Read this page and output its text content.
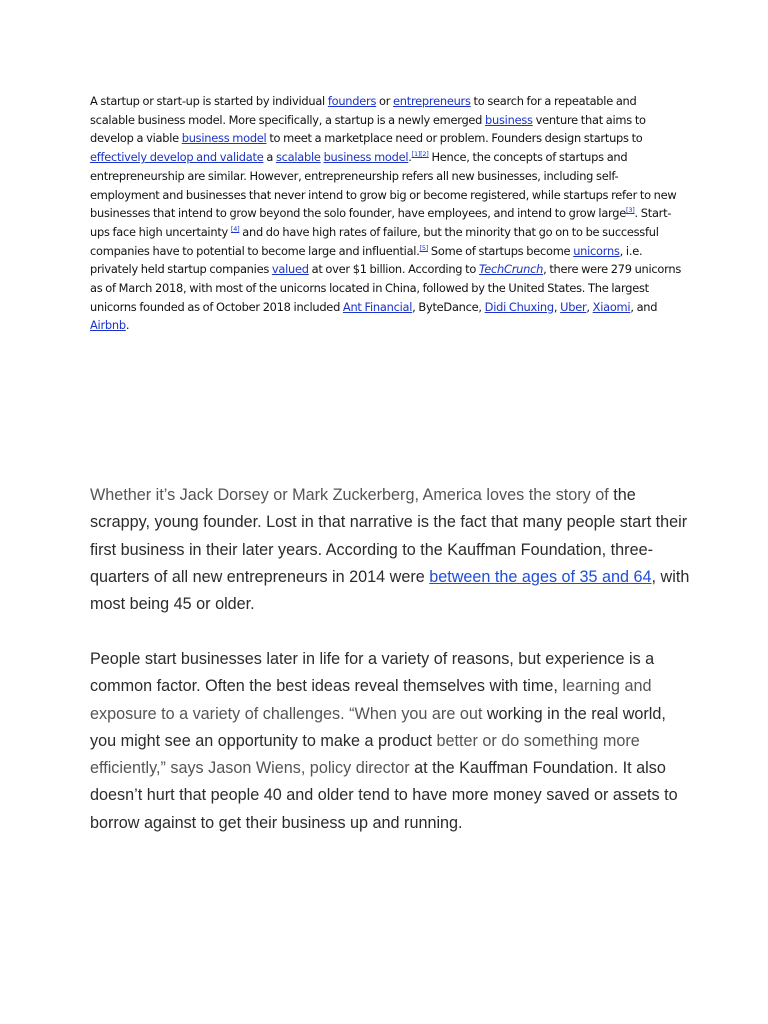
A startup or start-up is started by individual founders or entrepreneurs to search for a repeatable and scalable business model. More specifically, a startup is a newly emerged business venture that aims to develop a viable business model to meet a marketplace need or problem. Founders design startups to effectively develop and validate a scalable business model.[1][2] Hence, the concepts of startups and entrepreneurship are similar. However, entrepreneurship refers all new businesses, including self-employment and businesses that never intend to grow big or become registered, while startups refer to new businesses that intend to grow beyond the solo founder, have employees, and intend to grow large[3]. Start-ups face high uncertainty [4] and do have high rates of failure, but the minority that go on to be successful companies have to potential to become large and influential.[5] Some of startups become unicorns, i.e. privately held startup companies valued at over $1 billion. According to TechCrunch, there were 279 unicorns as of March 2018, with most of the unicorns located in China, followed by the United States. The largest unicorns founded as of October 2018 included Ant Financial, ByteDance, Didi Chuxing, Uber, Xiaomi, and Airbnb.

Whether it’s Jack Dorsey or Mark Zuckerberg, America loves the story of the scrappy, young founder. Lost in that narrative is the fact that many people start their first business in their later years. According to the Kauffman Foundation, three-quarters of all new entrepreneurs in 2014 were between the ages of 35 and 64, with most being 45 or older.

People start businesses later in life for a variety of reasons, but experience is a common factor. Often the best ideas reveal themselves with time, learning and exposure to a variety of challenges. “When you are out working in the real world, you might see an opportunity to make a product better or do something more efficiently,” says Jason Wiens, policy director at the Kauffman Foundation. It also doesn’t hurt that people 40 and older tend to have more money saved or assets to borrow against to get their business up and running.
